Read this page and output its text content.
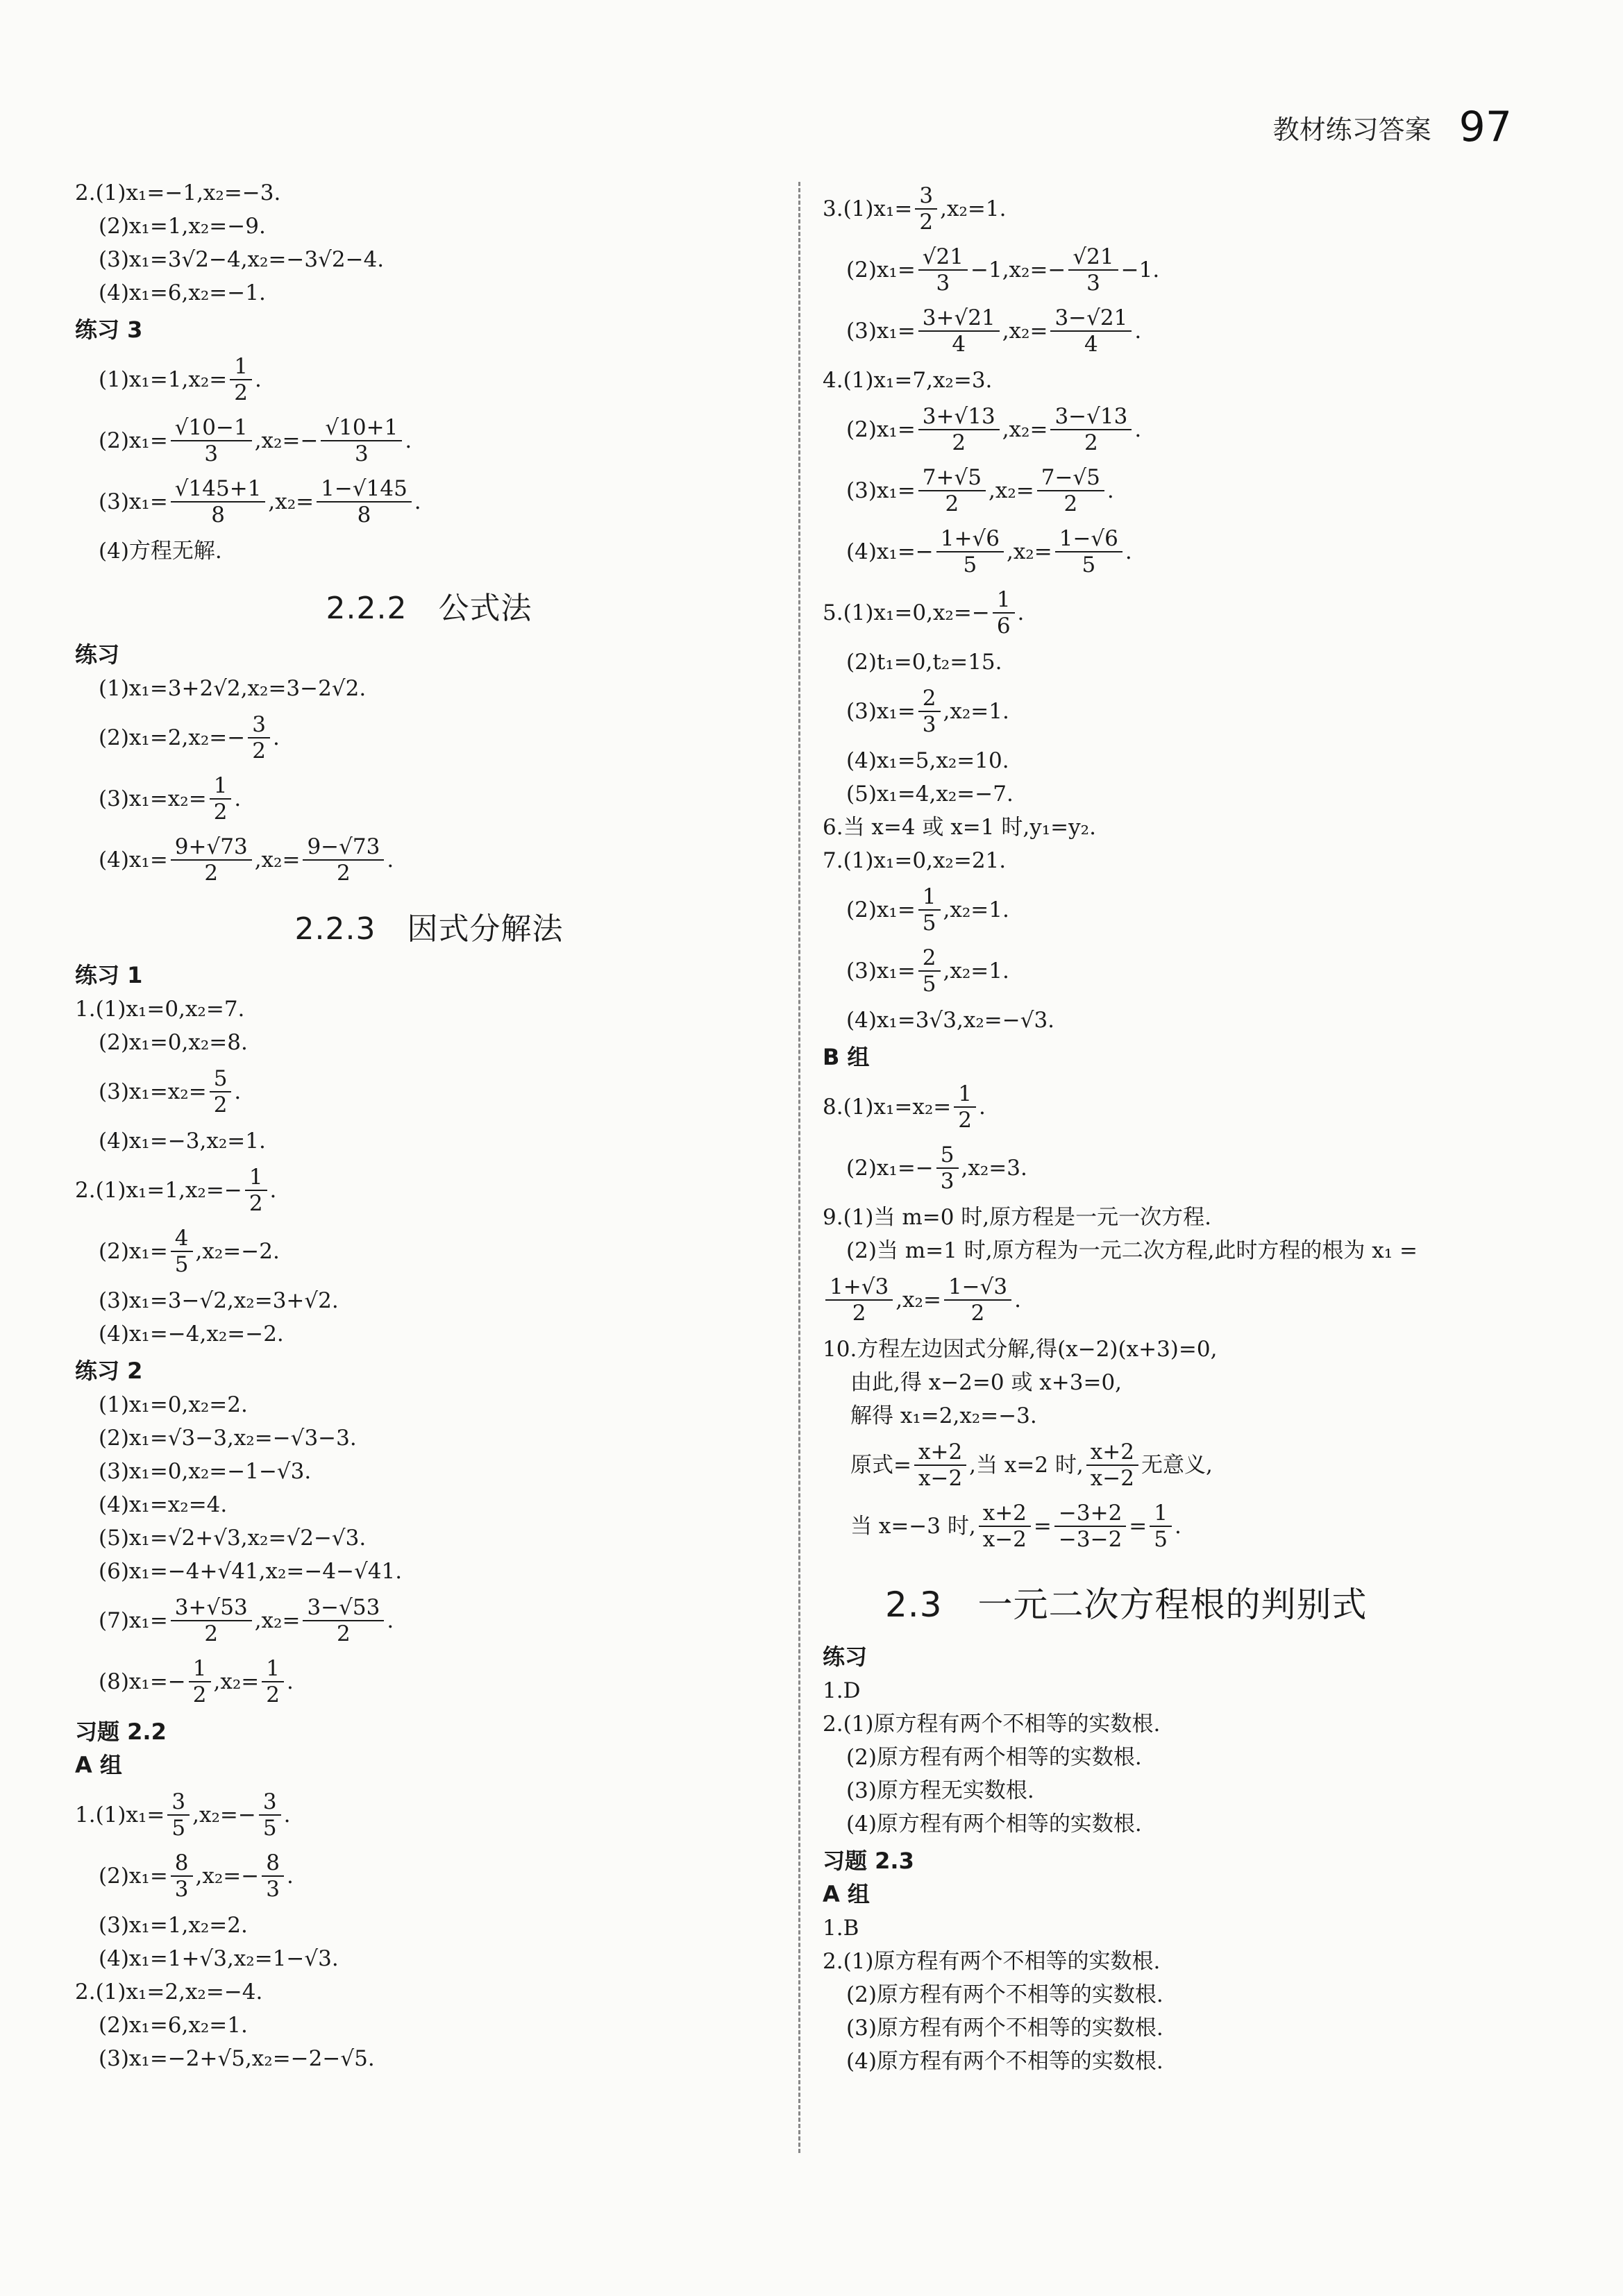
教材练习答案 97
2.(1)x₁=−1,x₂=−3.
(2)x₁=1,x₂=−9.
(3)x₁=3√2−4,x₂=−3√2−4.
(4)x₁=6,x₂=−1.
练习 3
$(1)x_1=1,x_2= \frac{1}{2}$ .
$(2)x_1= \frac{√10-1}{3} ,x_2=- \frac{√10+1}{3}$ .
$(3)x_1= \frac{√145+1}{8} ,x_2= \frac{1-√145}{8}$ .
(4)方程无解.
2.2.2　公式法
练习
(1)x₁=3+2√2,x₂=3−2√2.
$(2)x_1=2,x_2=- \frac{3}{2}$ .
$(3)x_1=x_2= \frac{1}{2}$ .
$(4)x_1= \frac{9+√73}{2} ,x_2= \frac{9-√73}{2}$ .
2.2.3　因式分解法
练习 1
1.(1)x₁=0,x₂=7.
(2)x₁=0,x₂=8.
$(3)x_1=x_2= \frac{5}{2}$ .
(4)x₁=−3,x₂=1.
$2.(1)x_1=1,x_2=- \frac{1}{2}$ .
$(2)x_1= \frac{4}{5} ,x_2=-2$.
(3)x₁=3−√2,x₂=3+√2.
(4)x₁=−4,x₂=−2.
练习 2
(1)x₁=0,x₂=2.
(2)x₁=√3−3,x₂=−√3−3.
(3)x₁=0,x₂=−1−√3.
(4)x₁=x₂=4.
(5)x₁=√2+√3,x₂=√2−√3.
(6)x₁=−4+√41,x₂=−4−√41.
$(7)x_1= \frac{3+√53}{2} ,x_2= \frac{3-√53}{2}$ .
$(8)x_1=- \frac{1}{2} ,x_2= \frac{1}{2}$ .
习题 2.2
A 组
$1.(1)x_1= \frac{3}{5} ,x_2=- \frac{3}{5}$ .
$(2)x_1= \frac{8}{3} ,x_2=- \frac{8}{3}$ .
(3)x₁=1,x₂=2.
(4)x₁=1+√3,x₂=1−√3.
2.(1)x₁=2,x₂=−4.
(2)x₁=6,x₂=1.
(3)x₁=−2+√5,x₂=−2−√5.
$3.(1)x_1= \frac{3}{2} ,x_2=1$.
$(2)x_1= \frac{√21}{3} -1,x_2=- \frac{√21}{3} -1$.
$(3)x_1= \frac{3+√21}{4} ,x_2= \frac{3-√21}{4}$ .
4.(1)x₁=7,x₂=3.
$(2)x_1= \frac{3+√13}{2} ,x_2= \frac{3-√13}{2}$ .
$(3)x_1= \frac{7+√5}{2} ,x_2= \frac{7-√5}{2}$ .
$(4)x_1=- \frac{1+√6}{5} ,x_2= \frac{1-√6}{5}$ .
$5.(1)x_1=0,x_2=- \frac{1}{6}$ .
(2)t₁=0,t₂=15.
$(3)x_1= \frac{2}{3} ,x_2=1$.
(4)x₁=5,x₂=10.
(5)x₁=4,x₂=−7.
6.当 x=4 或 x=1 时,y₁=y₂.
7.(1)x₁=0,x₂=21.
$(2)x_1= \frac{1}{5} ,x_2=1$.
$(3)x_1= \frac{2}{5} ,x_2=1$.
(4)x₁=3√3,x₂=−√3.
B 组
$8.(1)x_1=x_2= \frac{1}{2}$ .
$(2)x_1=- \frac{5}{3} ,x_2=3$.
9.(1)当 m=0 时,原方程是一元一次方程.
(2)当 m=1 时,原方程为一元二次方程,此时方程的根为 x₁ =
1+√3
2
$,x_2= \frac{1-√3}{2}$ .
10.方程左边因式分解,得(x−2)(x+3)=0,
由此,得 x−2=0 或 x+3=0,
解得 x₁=2,x₂=−3.
原式= $\frac{x+2}{x-2}$ ,当 x=2 时,
x+2
x−2
无意义,
当 x=−3 时, $\frac{x+2}{x-2} = \frac{-3+2}{-3-2} = \frac{1}{5}$ .
2.3　一元二次方程根的判别式
练习
1.D
2.(1)原方程有两个不相等的实数根.
(2)原方程有两个相等的实数根.
(3)原方程无实数根.
(4)原方程有两个相等的实数根.
习题 2.3
A 组
1.B
2.(1)原方程有两个不相等的实数根.
(2)原方程有两个不相等的实数根.
(3)原方程有两个不相等的实数根.
(4)原方程有两个不相等的实数根.
